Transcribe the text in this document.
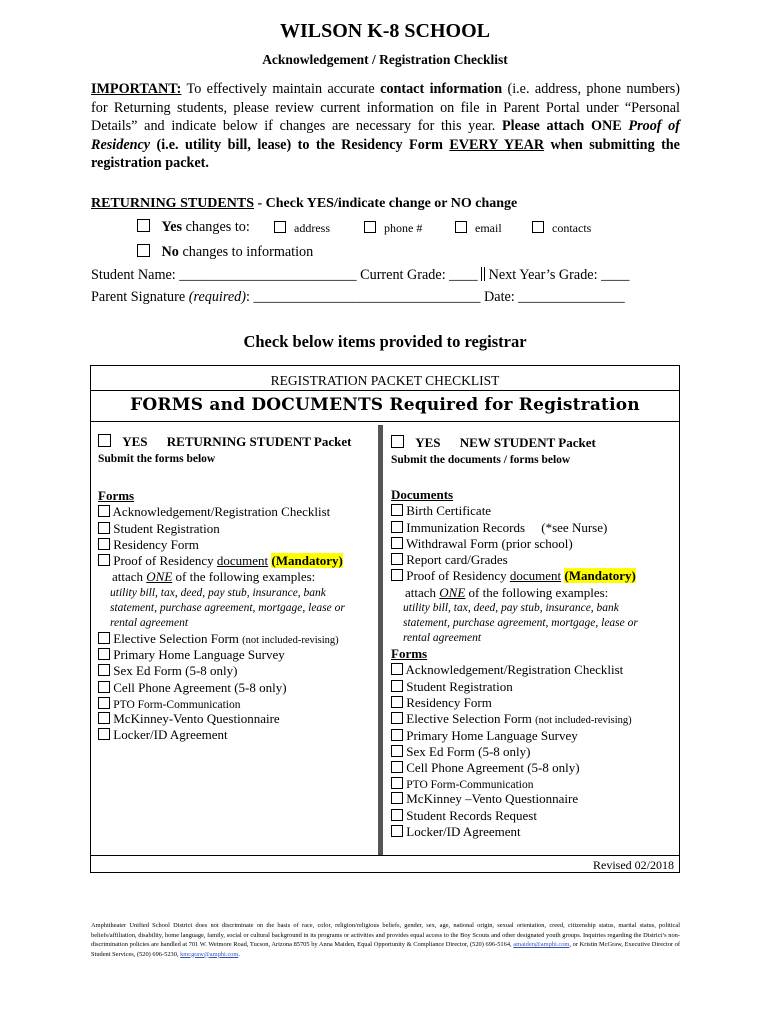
WILSON K-8 SCHOOL
Acknowledgement / Registration Checklist
IMPORTANT: To effectively maintain accurate contact information (i.e. address, phone numbers) for Returning students, please review current information on file in Parent Portal under “Personal Details” and indicate below if changes are necessary for this year. Please attach ONE Proof of Residency (i.e. utility bill, lease) to the Residency Form EVERY YEAR when submitting the registration packet.
RETURNING STUDENTS - Check YES/indicate change or NO change
Yes changes to:	address	phone #	email	contacts
No changes to information
Student Name: _________________________ Current Grade: ____  Next Year’s Grade: ____
Parent Signature (required): ________________________________ Date: _______________
Check below items provided to registrar
REGISTRATION PACKET CHECKLIST
FORMS and DOCUMENTS Required for Registration
YES RETURNING STUDENT Packet
Submit the forms below
Forms
Acknowledgement/Registration Checklist
Student Registration
Residency Form
Proof of Residency document (Mandatory)
attach ONE of the following examples:
utility bill, tax, deed, pay stub, insurance, bank
statement, purchase agreement, mortgage, lease or
rental agreement
Elective Selection Form (not included-revising)
Primary Home Language Survey
Sex Ed Form (5-8 only)
Cell Phone Agreement (5-8 only)
PTO Form-Communication
McKinney-Vento Questionnaire
Locker/ID Agreement
YES NEW STUDENT Packet
Submit the documents / forms below
Documents
Birth Certificate
Immunization Records     (*see Nurse)
Withdrawal Form (prior school)
Report card/Grades
Proof of Residency document (Mandatory)
attach ONE of the following examples:
utility bill, tax, deed, pay stub, insurance, bank
statement, purchase agreement, mortgage, lease or
rental agreement
Forms
Acknowledgement/Registration Checklist
Student Registration
Residency Form
Elective Selection Form (not included-revising)
Primary Home Language Survey
Sex Ed Form (5-8 only)
Cell Phone Agreement (5-8 only)
PTO Form-Communication
McKinney –Vento Questionnaire
Student Records Request
Locker/ID Agreement
Revised 02/2018
Amphitheater Unified School District does not discriminate on the basis of race, color, religion/religious beliefs, gender, sex, age, national origin, sexual orientation, creed, citizenship status, marital status, political beliefs/affiliation, disability, home language, family, social or cultural background in its programs or activities and provides equal access to the Boy Scouts and other designated youth groups. Inquiries regarding the District’s non-discrimination policies are handled at 701 W. Wetmore Road, Tucson, Arizona 85705 by Anna Maiden, Equal Opportunity & Compliance Director, (520) 696-5164, amaiden@amphi.com, or Kristin McGraw, Executive Director of Student Services, (520) 696-5230, kmcgraw@amphi.com.
